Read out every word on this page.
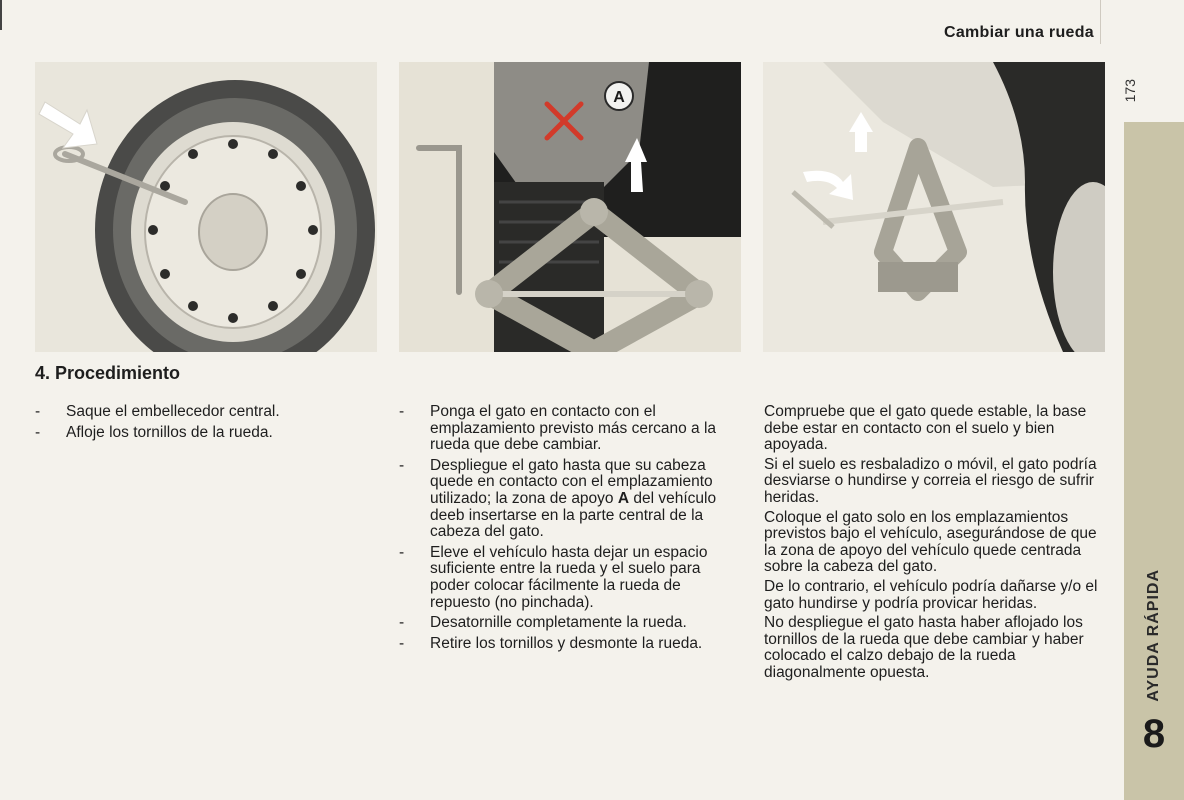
Cambiar una rueda
173
A
4. Procedimiento
- Saque el embellecedor central.
- Afloje los tornillos de la rueda.
- Ponga el gato en contacto con el emplazamiento previsto más cercano a la rueda que debe cambiar.
- Despliegue el gato hasta que su cabeza quede en contacto con el emplazamiento utilizado; la zona de apoyo A del vehículo deeb insertarse en la parte central de la cabeza del gato.
- Eleve el vehículo hasta dejar un espacio suficiente entre la rueda y el suelo para poder colocar fácilmente la rueda de repuesto (no pinchada).
- Desatornille completamente la rueda.
- Retire los tornillos y desmonte la rueda.

Compruebe que el gato quede estable, la base debe estar en contacto con el suelo y bien apoyada.

Si el suelo es resbaladizo o móvil, el gato podría desviarse o hundirse y correia el riesgo de sufrir heridas.

Coloque el gato solo en los emplazamientos previstos bajo el vehículo, asegurándose de que la zona de apoyo del vehículo quede centrada sobre la cabeza del gato.

De lo contrario, el vehículo podría dañarse y/o el gato hundirse y podría provicar heridas.

No despliegue el gato hasta haber aflojado los tornillos de la rueda que debe cambiar y haber colocado el calzo debajo de la rueda diagonalmente opuesta.	AYUDA RÁPIDA
8
